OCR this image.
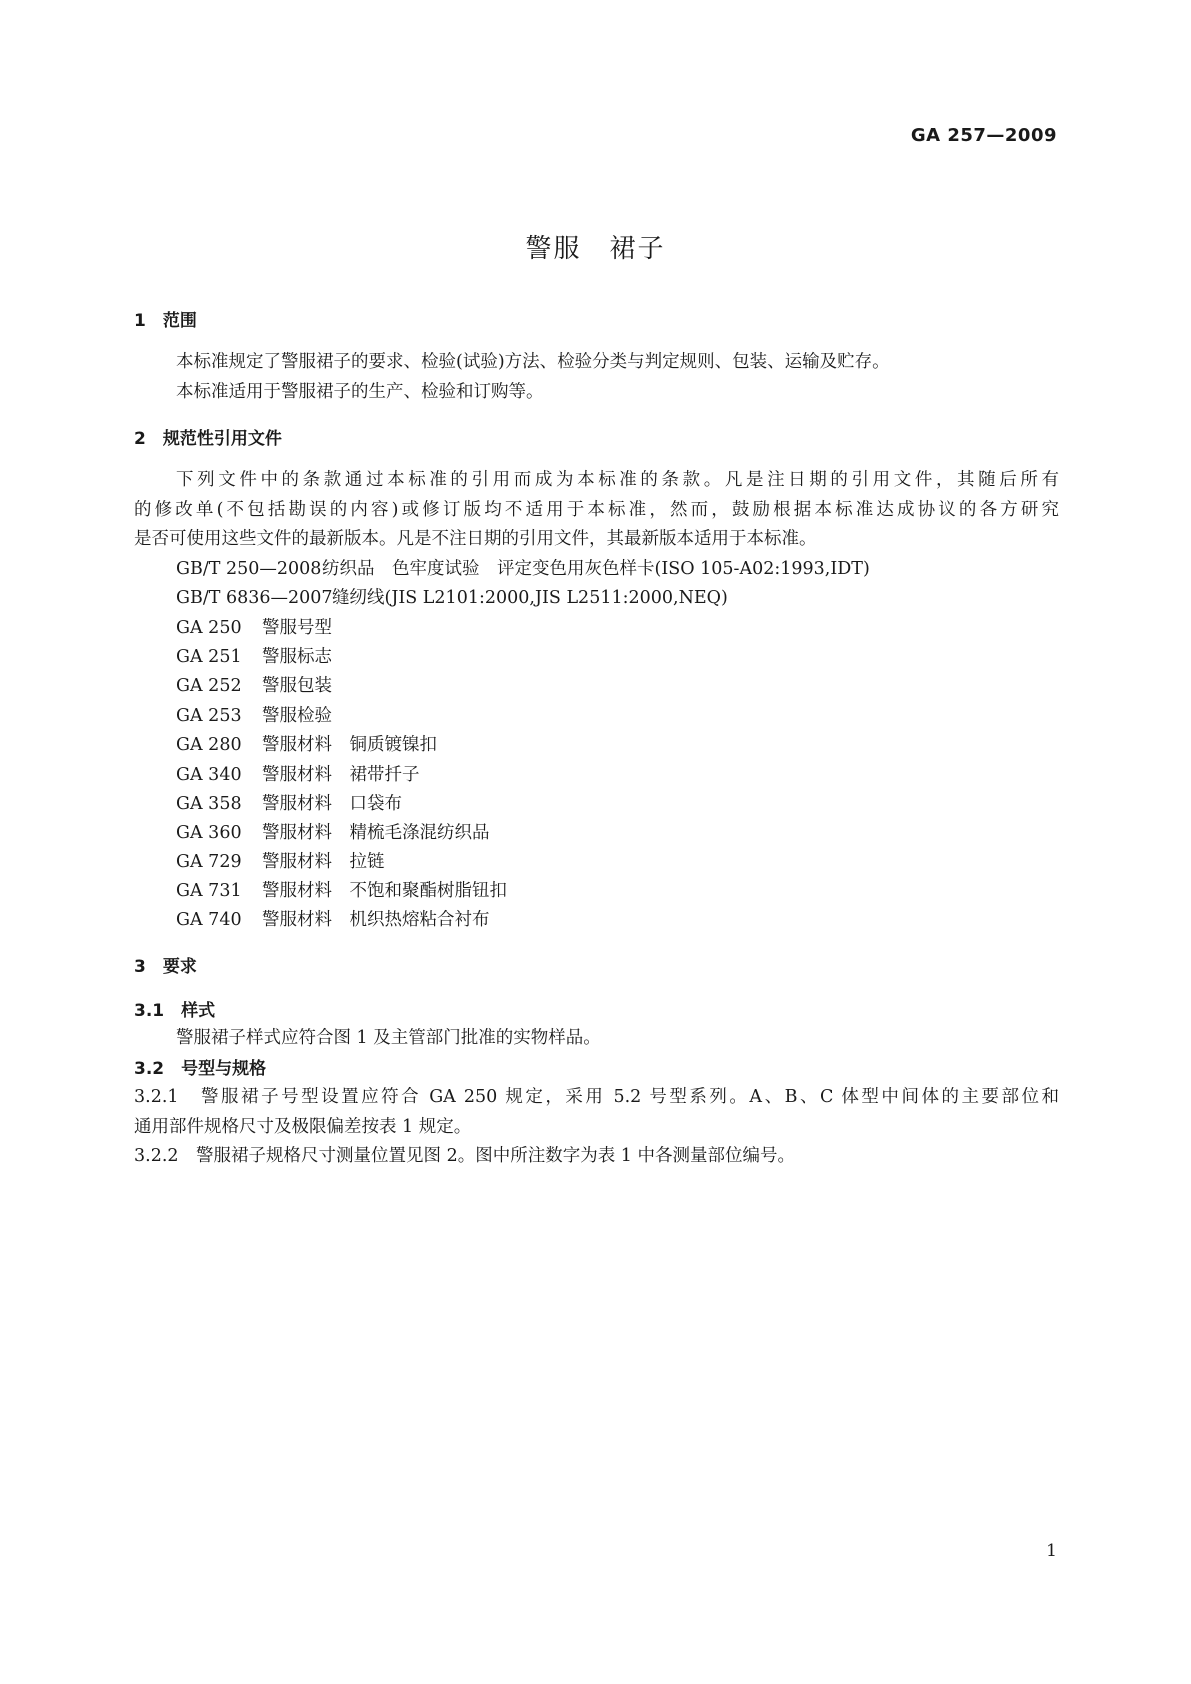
GA 257—2009
警服　裙子
1　范围
本标准规定了警服裙子的要求、检验(试验)方法、检验分类与判定规则、包装、运输及贮存。
本标准适用于警服裙子的生产、检验和订购等。
2　规范性引用文件
下列文件中的条款通过本标准的引用而成为本标准的条款。凡是注日期的引用文件，其随后所有
的修改单(不包括勘误的内容)或修订版均不适用于本标准，然而，鼓励根据本标准达成协议的各方研究
是否可使用这些文件的最新版本。凡是不注日期的引用文件，其最新版本适用于本标准。
GB/T 250—2008纺织品　色牢度试验　评定变色用灰色样卡(ISO 105-A02:1993,IDT)
GB/T 6836—2007缝纫线(JIS L2101:2000,JIS L2511:2000,NEQ)
GA 250 警服号型
GA 251 警服标志
GA 252 警服包装
GA 253 警服检验
GA 280 警服材料　铜质镀镍扣
GA 340 警服材料　裙带扦子
GA 358 警服材料　口袋布
GA 360 警服材料　精梳毛涤混纺织品
GA 729 警服材料　拉链
GA 731 警服材料　不饱和聚酯树脂钮扣
GA 740 警服材料　机织热熔粘合衬布
3　要求
3.1　样式
警服裙子样式应符合图 1 及主管部门批准的实物样品。
3.2　号型与规格
3.2.1　警服裙子号型设置应符合 GA 250 规定，采用 5.2 号型系列。A、B、C 体型中间体的主要部位和
通用部件规格尺寸及极限偏差按表 1 规定。
3.2.2　警服裙子规格尺寸测量位置见图 2。图中所注数字为表 1 中各测量部位编号。
1
